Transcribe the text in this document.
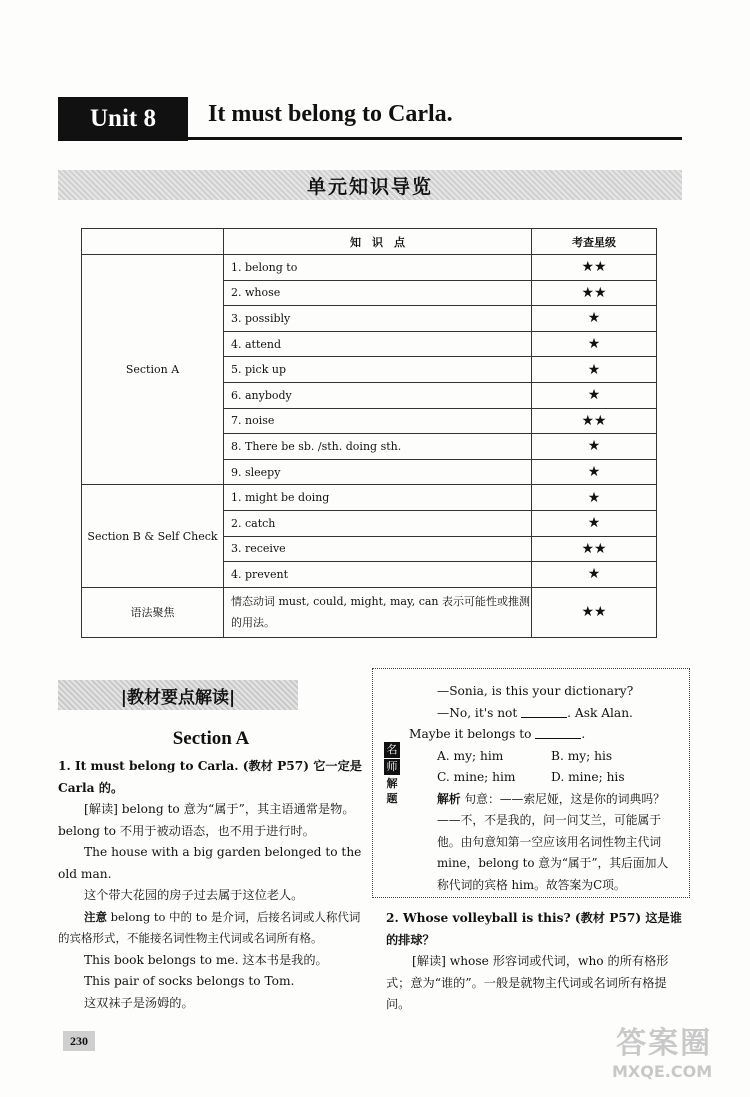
Unit 8	It must belong to Carla.
单元知识导览
	知　识　点	考查星级
Section A	1. belong to	★★
	2. whose	★★
	3. possibly	★
	4. attend	★
	5. pick up	★
	6. anybody	★
	7. noise	★★
	8. There be sb. /sth. doing sth.	★
	9. sleepy	★
Section B & Self Check	1. might be doing	★
	2. catch	★
	3. receive	★★
	4. prevent	★
语法聚焦	情态动词 must, could, might, may, can 表示可能性或推测的用法。	★★
|教材要点解读|
Section A
1. It must belong to Carla. (教材 P57) 它一定是 Carla 的。
[解读] belong to 意为“属于”，其主语通常是物。belong to 不用于被动语态，也不用于进行时。
The house with a big garden belonged to the old man.
这个带大花园的房子过去属于这位老人。
注意 belong to 中的 to 是介词，后接名词或人称代词的宾格形式，不能接名词性物主代词或名词所有格。
This book belongs to me. 这本书是我的。
This pair of socks belongs to Tom.
这双袜子是汤姆的。
名
师
解
题
—Sonia, is this your dictionary?
—No, it's not	. Ask Alan.
Maybe it belongs to	.
A. my; him	B. my; his
C. mine; him	D. mine; his
解析 句意：——索尼娅，这是你的词典吗？——不，不是我的，问一问艾兰，可能属于他。由句意知第一空应该用名词性物主代词 mine，belong to 意为“属于”，其后面加人称代词的宾格 him。故答案为C项。
2. Whose volleyball is this? (教材 P57) 这是谁的排球？
[解读] whose 形容词或代词，who 的所有格形式；意为“谁的”。一般是就物主代词或名词所有格提问。
230	答案圈
MXQE.COM
